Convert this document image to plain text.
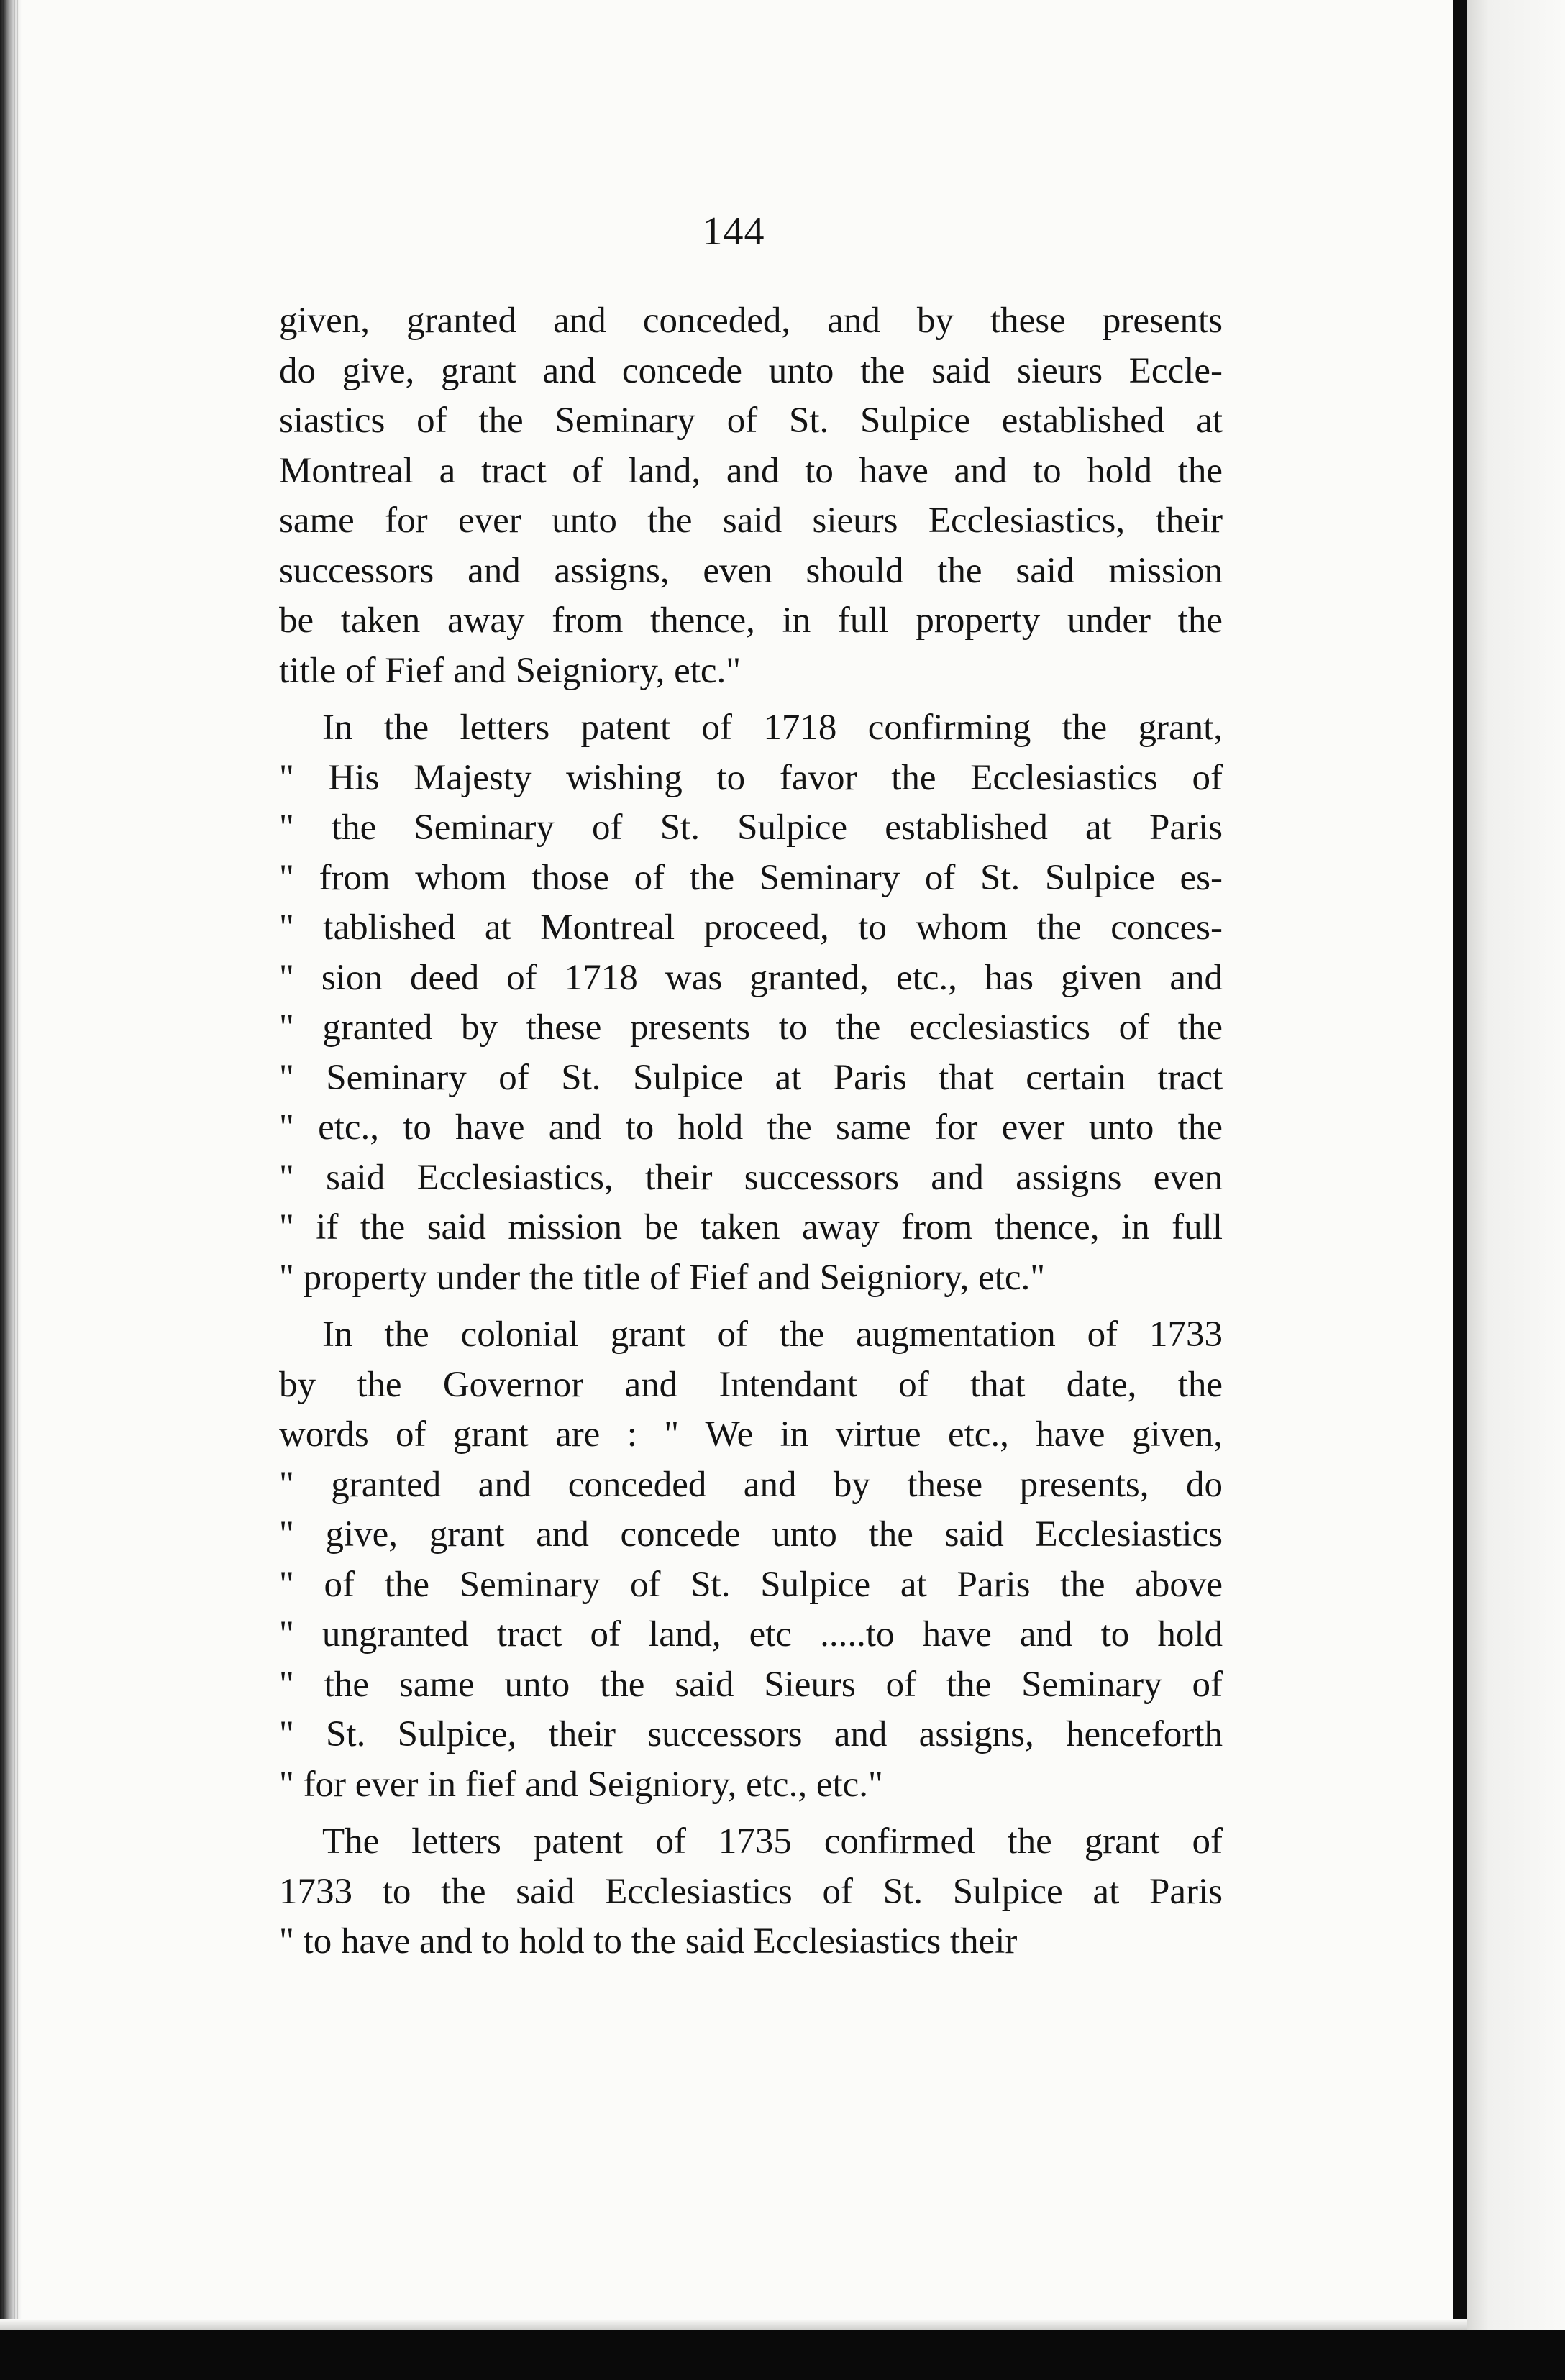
144
given, granted and conceded, and by these presents
do give, grant and concede unto the said sieurs Eccle-
siastics of the Seminary of St. Sulpice established at
Montreal a tract of land, and to have and to hold the
same for ever unto the said sieurs Ecclesiastics, their
successors and assigns, even should the said mission
be taken away from thence, in full property under the
title of Fief and Seigniory, etc."
In the letters patent of 1718 confirming the grant,
" His Majesty wishing to favor the Ecclesiastics of
" the Seminary of St. Sulpice established at Paris
" from whom those of the Seminary of St. Sulpice es-
" tablished at Montreal proceed, to whom the conces-
" sion deed of 1718 was granted, etc., has given and
" granted by these presents to the ecclesiastics of the
" Seminary of St. Sulpice at Paris that certain tract
" etc., to have and to hold the same for ever unto the
" said Ecclesiastics, their successors and assigns even
" if the said mission be taken away from thence, in full
" property under the title of Fief and Seigniory, etc."
In the colonial grant of the augmentation of 1733
by the Governor and Intendant of that date, the
words of grant are : " We in virtue etc., have given,
" granted and conceded and by these presents, do
" give, grant and concede unto the said Ecclesiastics
" of the Seminary of St. Sulpice at Paris the above
" ungranted tract of land, etc .....to have and to hold
" the same unto the said Sieurs of the Seminary of
" St. Sulpice, their successors and assigns, henceforth
" for ever in fief and Seigniory, etc., etc."
The letters patent of 1735 confirmed the grant of
1733 to the said Ecclesiastics of St. Sulpice at Paris
" to have and to hold to the said Ecclesiastics their
